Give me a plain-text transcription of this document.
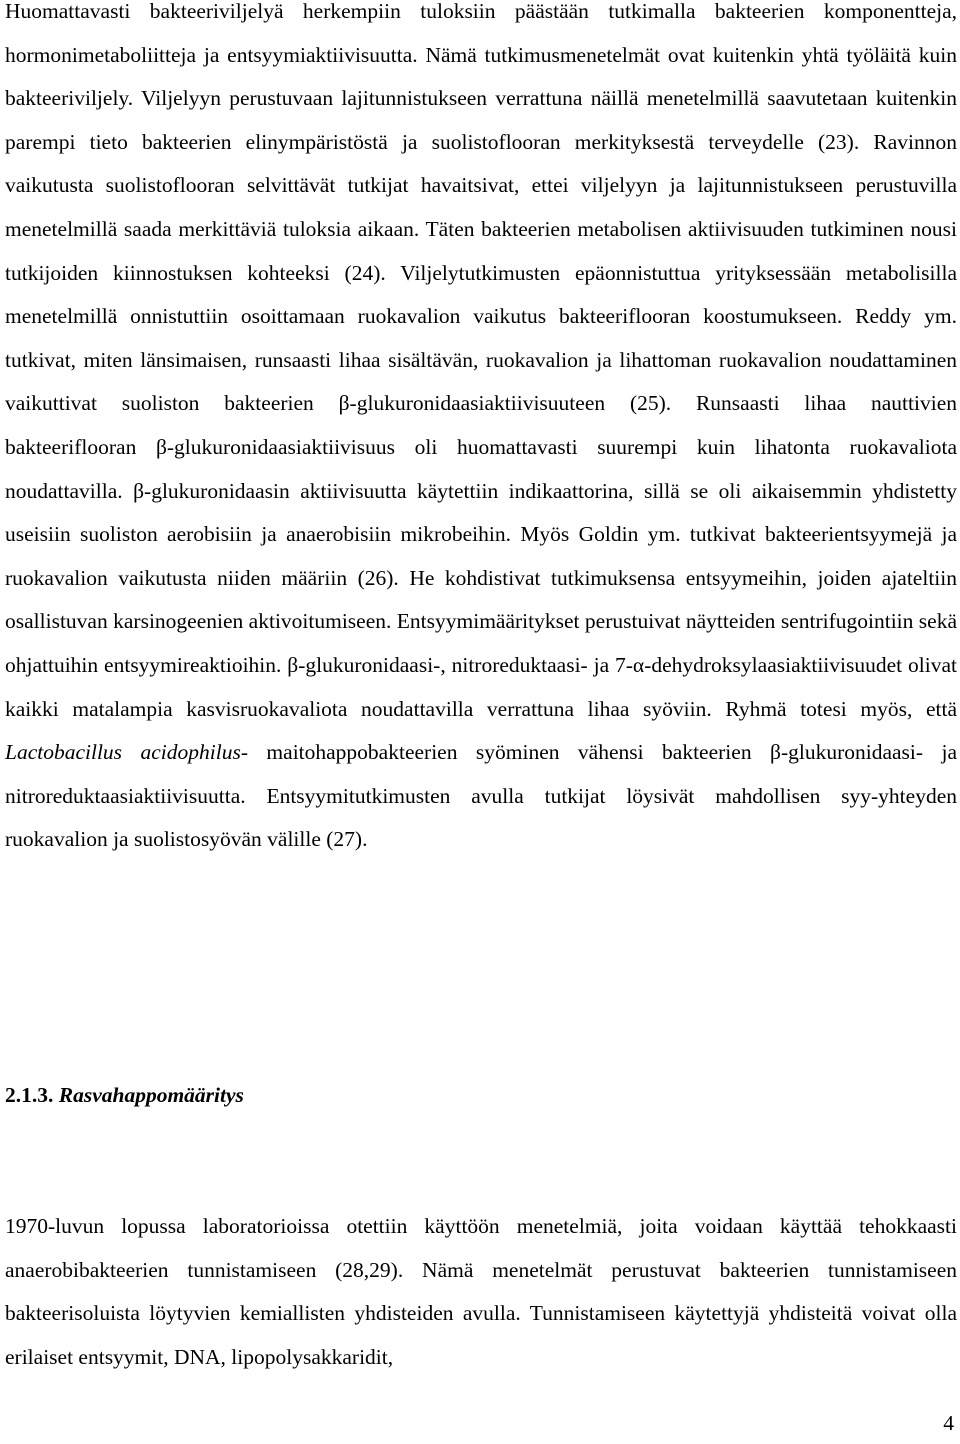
Huomattavasti bakteeriviljelyä herkempiin tuloksiin päästään tutkimalla bakteerien komponentteja, hormonimetaboliitteja ja entsyymiaktiivisuutta. Nämä tutkimusmenetelmät ovat kuitenkin yhtä työläitä kuin bakteeriviljely. Viljelyyn perustuvaan lajitunnistukseen verrattuna näillä menetelmillä saavutetaan kuitenkin parempi tieto bakteerien elinympäristöstä ja suolistoflooran merkityksestä terveydelle (23). Ravinnon vaikutusta suolistoflooran selvittävät tutkijat havaitsivat, ettei viljelyyn ja lajitunnistukseen perustuvilla menetelmillä saada merkittäviä tuloksia aikaan. Täten bakteerien metabolisen aktiivisuuden tutkiminen nousi tutkijoiden kiinnostuksen kohteeksi (24). Viljelytutkimusten epäonnistuttua yrityksessään metabolisilla menetelmillä onnistuttiin osoittamaan ruokavalion vaikutus bakteeriflooran koostumukseen. Reddy ym. tutkivat, miten länsimaisen, runsaasti lihaa sisältävän, ruokavalion ja lihattoman ruokavalion noudattaminen vaikuttivat suoliston bakteerien β-glukuronidaasiaktiivisuuteen (25). Runsaasti lihaa nauttivien bakteeriflooran β-glukuronidaasiaktiivisuus oli huomattavasti suurempi kuin lihatonta ruokavaliota noudattavilla. β-glukuronidaasin aktiivisuutta käytettiin indikaattorina, sillä se oli aikaisemmin yhdistetty useisiin suoliston aerobisiin ja anaerobisiin mikrobeihin. Myös Goldin ym. tutkivat bakteerientsyymejä ja ruokavalion vaikutusta niiden määriin (26). He kohdistivat tutkimuksensa entsyymeihin, joiden ajateltiin osallistuvan karsinogeenien aktivoitumiseen. Entsyymimääritykset perustuivat näytteiden sentrifugointiin sekä ohjattuihin entsyymireaktioihin. β-glukuronidaasi-, nitroreduktaasi- ja 7-α-dehydroksylaasiaktiivisuudet olivat kaikki matalampia kasvisruokavaliota noudattavilla verrattuna lihaa syöviin. Ryhmä totesi myös, että Lactobacillus acidophilus- maitohappobakteerien syöminen vähensi bakteerien β-glukuronidaasi- ja nitroreduktaasiaktiivisuutta. Entsyymitutkimusten avulla tutkijat löysivät mahdollisen syy-yhteyden ruokavalion ja suolistosyövän välille (27).

2.1.3. Rasvahappomääritys

1970-luvun lopussa laboratorioissa otettiin käyttöön menetelmiä, joita voidaan käyttää tehokkaasti anaerobibakteerien tunnistamiseen (28,29). Nämä menetelmät perustuvat bakteerien tunnistamiseen bakteerisoluista löytyvien kemiallisten yhdisteiden avulla. Tunnistamiseen käytettyjä yhdisteitä voivat olla erilaiset entsyymit, DNA, lipopolysakkaridit,

4
